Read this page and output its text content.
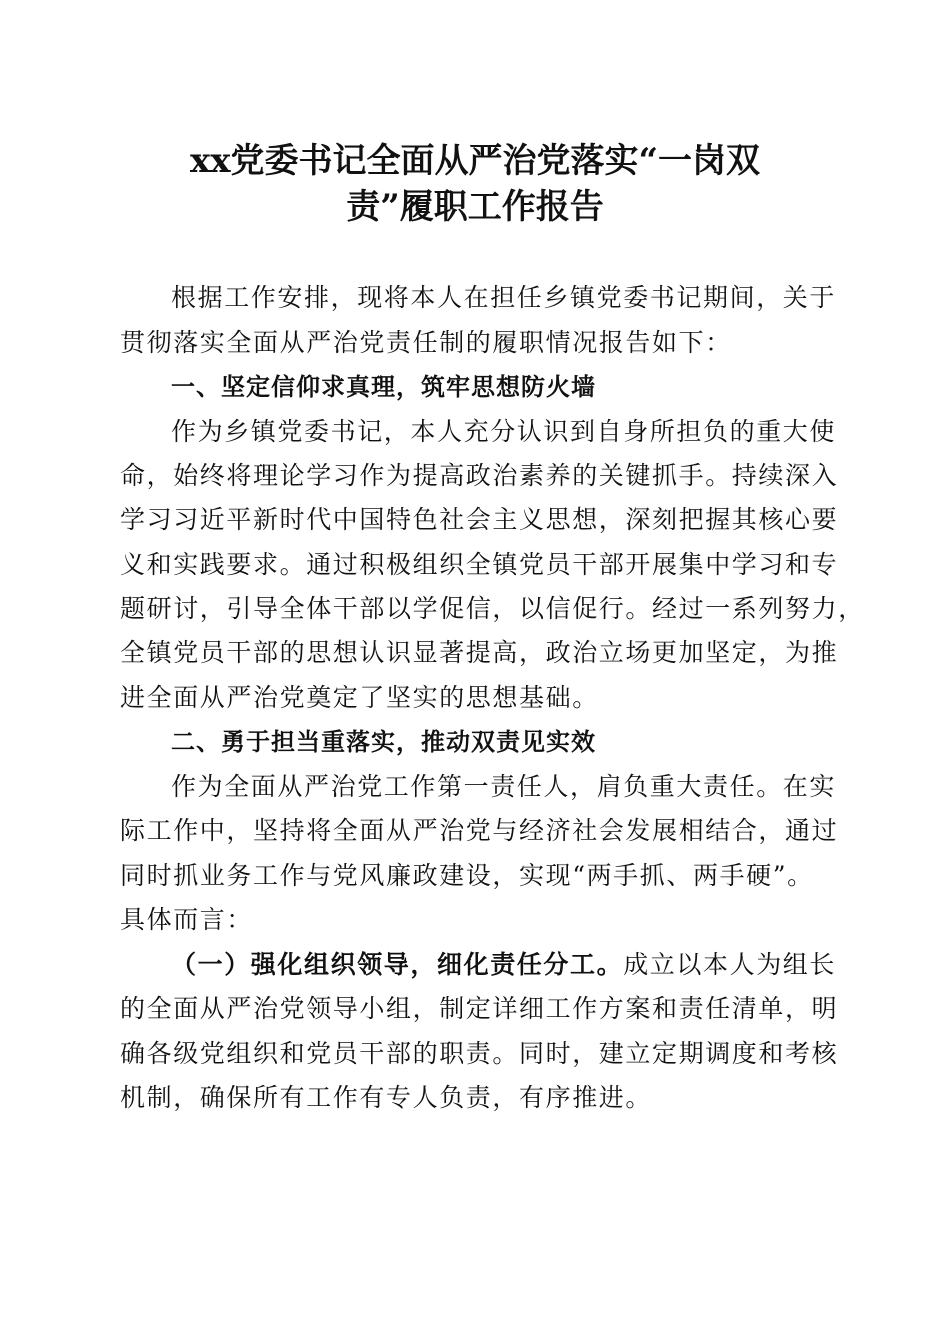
xx党委书记全面从严治党落实“一岗双
责”履职工作报告
根据工作安排，现将本人在担任乡镇党委书记期间，关于
贯彻落实全面从严治党责任制的履职情况报告如下：
一、坚定信仰求真理，筑牢思想防火墙
作为乡镇党委书记，本人充分认识到自身所担负的重大使
命，始终将理论学习作为提高政治素养的关键抓手。持续深入
学习习近平新时代中国特色社会主义思想，深刻把握其核心要
义和实践要求。通过积极组织全镇党员干部开展集中学习和专
题研讨，引导全体干部以学促信，以信促行。经过一系列努力，
全镇党员干部的思想认识显著提高，政治立场更加坚定，为推
进全面从严治党奠定了坚实的思想基础。
二、勇于担当重落实，推动双责见实效
作为全面从严治党工作第一责任人，肩负重大责任。在实
际工作中，坚持将全面从严治党与经济社会发展相结合，通过
同时抓业务工作与党风廉政建设，实现“两手抓、两手硬”。
具体而言：
（一）强化组织领导，细化责任分工。成立以本人为组长
的全面从严治党领导小组，制定详细工作方案和责任清单，明
确各级党组织和党员干部的职责。同时，建立定期调度和考核
机制，确保所有工作有专人负责，有序推进。
